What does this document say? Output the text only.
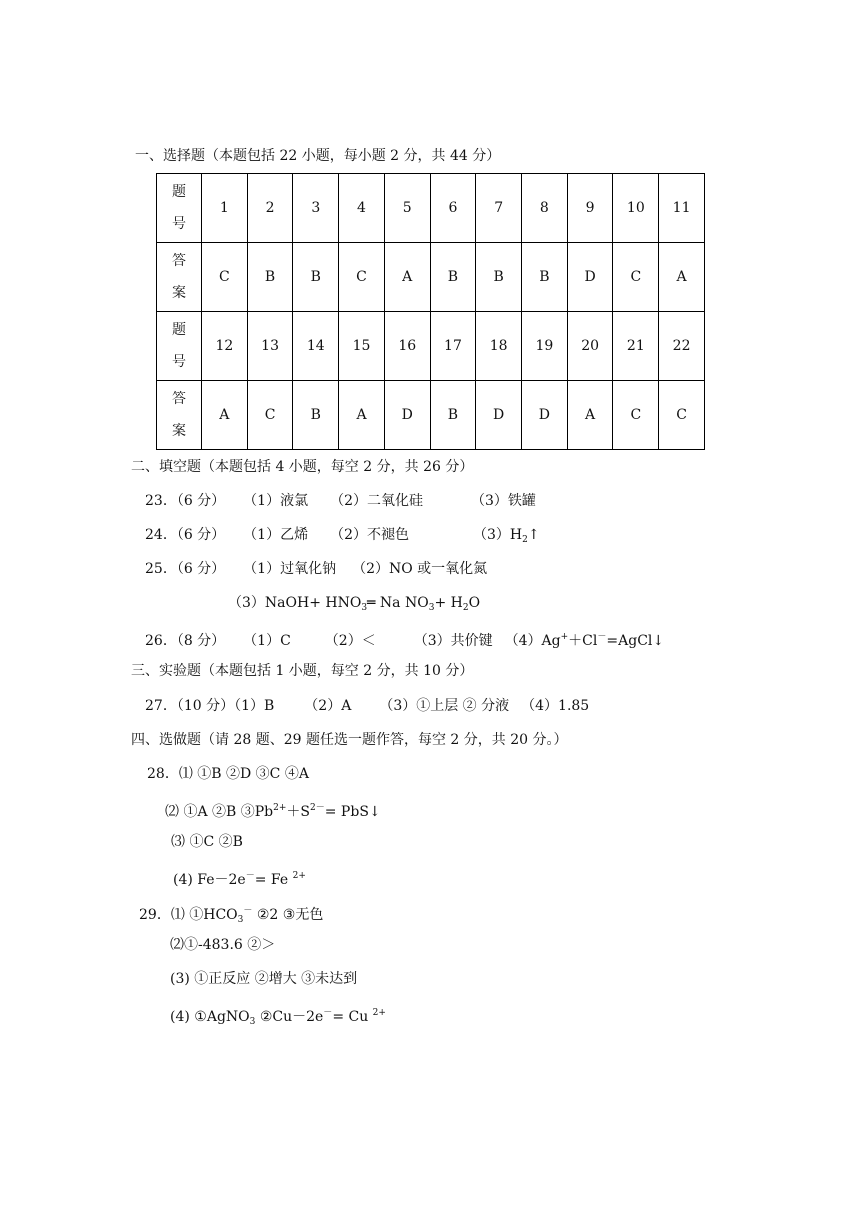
一、选择题（本题包括 22 小题，每小题 2 分，共 44 分）
题
号	1	2	3	4	5	6	7	8	9	10	11

答
案	C	B	B	C	A	B	B	B	D	C	A

题
号	12	13	14	15	16	17	18	19	20	21	22

答
案	A	C	B	A	D	B	D	D	A	C	C
二、填空题（本题包括 4 小题，每空 2 分，共 26 分）
23．（6 分） （1）液氯 （2）二氧化硅	（3）铁罐
24．（6 分） （1）乙烯 （2）不褪色	$(3)H_2↑$
25．（6 分） （1）过氧化钠 （2）NO 或一氧化氮
（3）NaOH+ $HNO_3═$ Na $NO_3+ H_2O$
26．（8 分） （1）C （2）＜	（3）共价键 （4）Ag+＋Cl－=AgCl↓
三、实验题（本题包括 1 小题，每空 2 分，共 10 分）
27．（10 分）（1）B （2）A （3）①上层 ② 分液 （4）1.85
四、选做题（请 28 题、29 题任选一题作答，每空 2 分，共 20 分。）
28．⑴ ①B ②D ③C ④A
⑵ ①A ②B $③Pb^{2+}+S^{2-}=$ PbS↓
⑶ ①C ②B
(4) Fe－2e－= Fe $^{2+}$
29．⑴ $①HCO_3^-$ ②2 ③无色
⑵①-483.6 ②＞
(3) ①正反应 ②增大 ③未达到
(4) ①AgNO$_3$ ②Cu－2e－= Cu $^{2+}$
